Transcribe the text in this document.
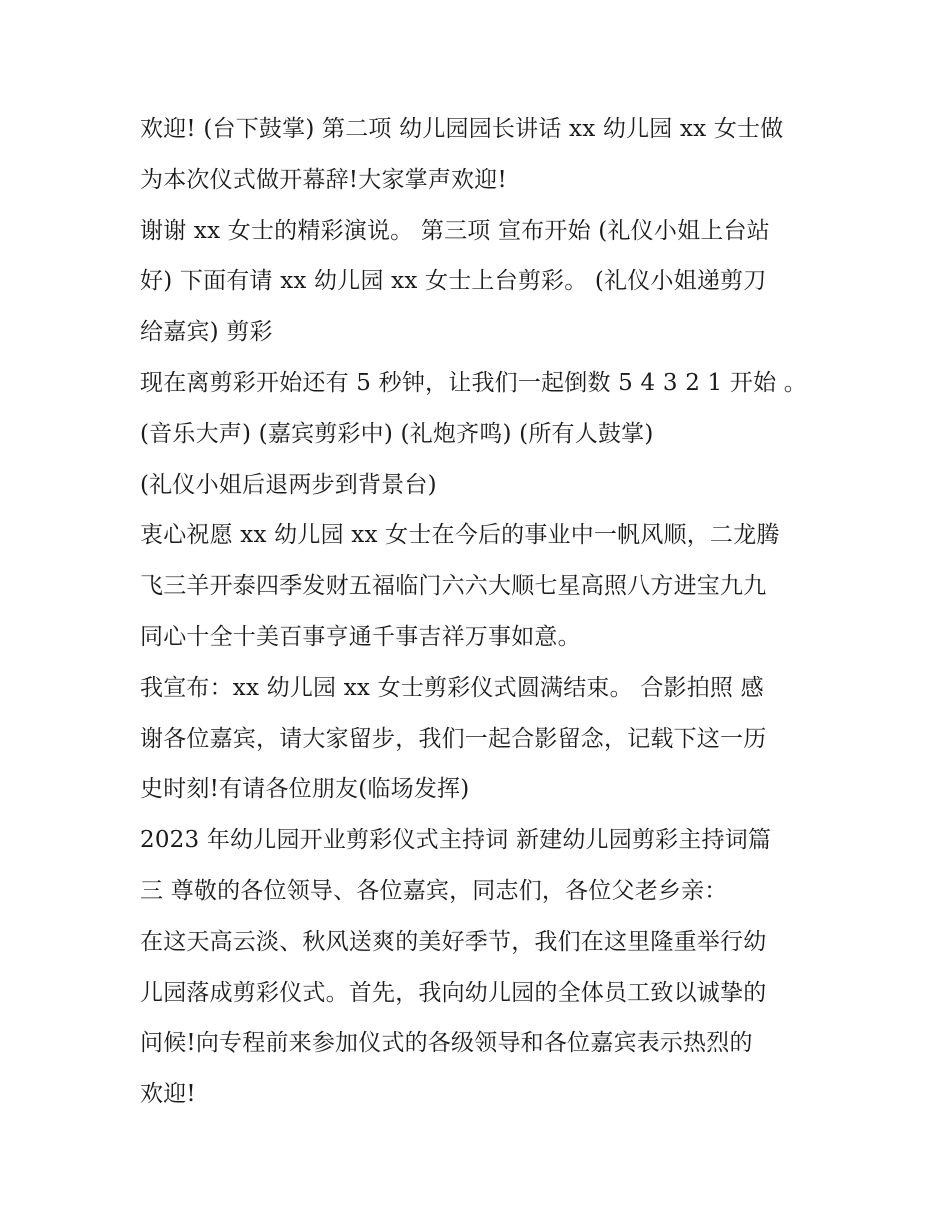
欢迎! (台下鼓掌) 第二项 幼儿园园长讲话 xx 幼儿园 xx 女士做
为本次仪式做开幕辞!大家掌声欢迎!
谢谢 xx 女士的精彩演说。 第三项 宣布开始 (礼仪小姐上台站
好) 下面有请 xx 幼儿园 xx 女士上台剪彩。 (礼仪小姐递剪刀
给嘉宾) 剪彩
现在离剪彩开始还有 5 秒钟，让我们一起倒数 5 4 3 2 1 开始 。
(音乐大声) (嘉宾剪彩中) (礼炮齐鸣) (所有人鼓掌)
(礼仪小姐后退两步到背景台)
衷心祝愿 xx 幼儿园 xx 女士在今后的事业中一帆风顺，二龙腾
飞三羊开泰四季发财五福临门六六大顺七星高照八方进宝九九
同心十全十美百事亨通千事吉祥万事如意。
我宣布：xx 幼儿园 xx 女士剪彩仪式圆满结束。 合影拍照 感
谢各位嘉宾，请大家留步，我们一起合影留念，记载下这一历
史时刻!有请各位朋友(临场发挥)
2023 年幼儿园开业剪彩仪式主持词 新建幼儿园剪彩主持词篇
三 尊敬的各位领导、各位嘉宾，同志们，各位父老乡亲：
在这天高云淡、秋风送爽的美好季节，我们在这里隆重举行幼
儿园落成剪彩仪式。首先，我向幼儿园的全体员工致以诚挚的
问候!向专程前来参加仪式的各级领导和各位嘉宾表示热烈的
欢迎!
